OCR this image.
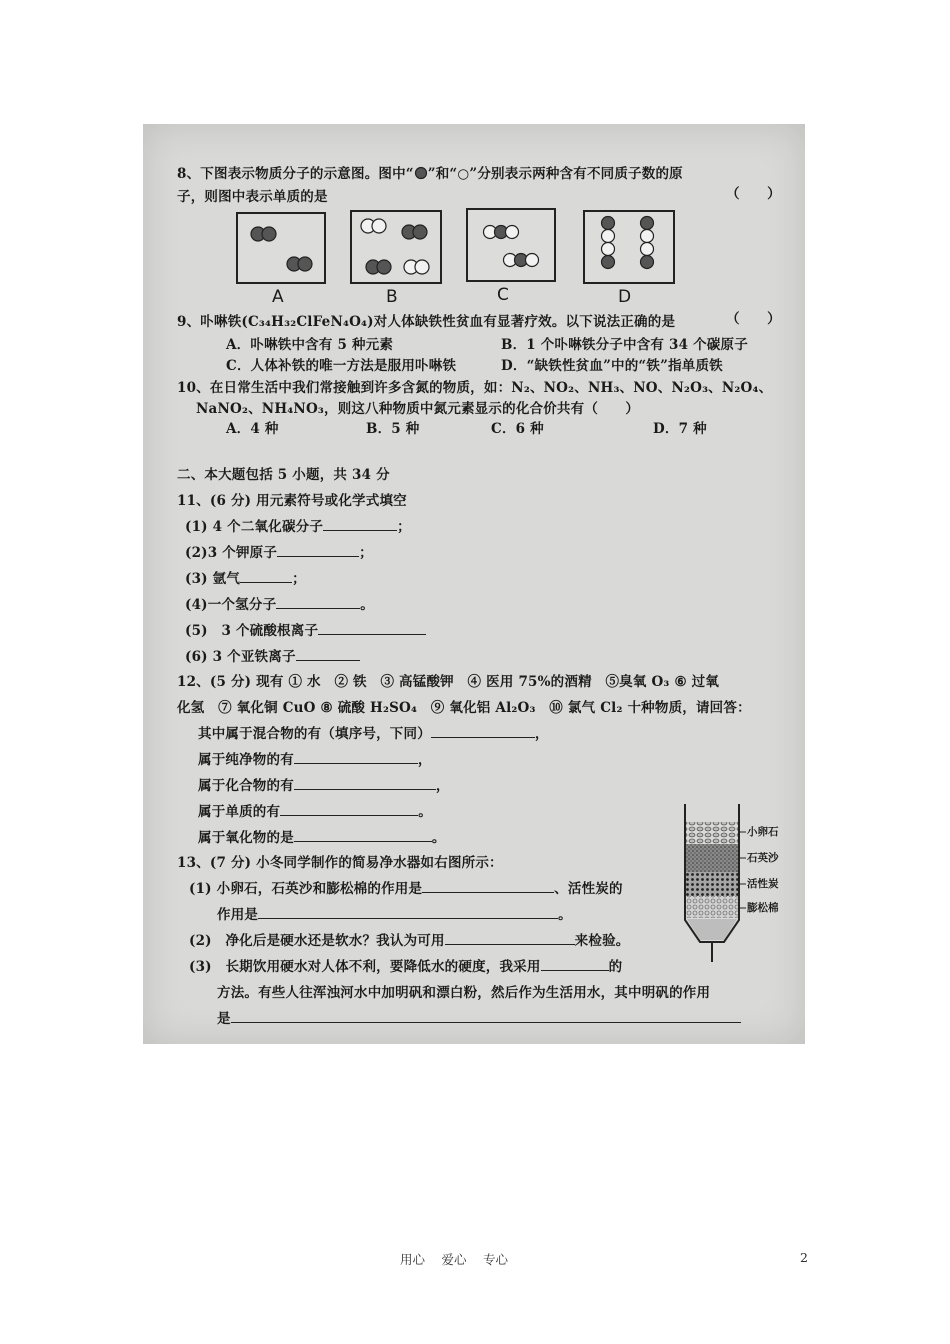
8、下图表示物质分子的示意图。图中“ ”和“○”分别表示两种含有不同质子数的原
子，则图中表示单质的是	（　　）
A	B	C	D
9、卟啉铁(C₃₄H₃₂ClFeN₄O₄)对人体缺铁性贫血有显著疗效。以下说法正确的是	（　　）
A．卟啉铁中含有 5 种元素	B．1 个卟啉铁分子中含有 34 个碳原子
C．人体补铁的唯一方法是服用卟啉铁	D．“缺铁性贫血”中的“铁”指单质铁
10、在日常生活中我们常接触到许多含氮的物质，如：N₂、NO₂、NH₃、NO、N₂O₃、N₂O₄、
NaNO₂、NH₄NO₃，则这八种物质中氮元素显示的化合价共有（　　）
A．4 种	B．5 种	C．6 种	D．7 种
二、本大题包括 5 小题，共 34 分
11、(6 分) 用元素符号或化学式填空
(1) 4 个二氧化碳分子	；
(2)3 个钾原子	；
(3) 氩气	；
(4)一个氢分子	。
(5)　3 个硫酸根离子
(6) 3 个亚铁离子
12、(5 分) 现有 ① 水　② 铁　③ 高锰酸钾　④ 医用 75%的酒精　⑤臭氧 O₃ ⑥ 过氧
化氢　⑦ 氧化铜 CuO ⑧ 硫酸 H₂SO₄　⑨ 氧化铝 Al₂O₃　⑩ 氯气 Cl₂ 十种物质，请回答：
其中属于混合物的有（填序号，下同）	，
属于纯净物的有	，
属于化合物的有	，
属于单质的有	。
属于氧化物的是	。
13、(7 分) 小冬同学制作的简易净水器如右图所示：
(1) 小卵石，石英沙和膨松棉的作用是	、活性炭的
作用是	。
(2)　净化后是硬水还是软水？我认为可用	来检验。
(3)　长期饮用硬水对人体不利，要降低水的硬度，我采用	的
方法。有些人往浑浊河水中加明矾和漂白粉，然后作为生活用水，其中明矾的作用
是
小卵石
石英沙
活性炭
膨松棉
用心　 爱心　 专心	2
